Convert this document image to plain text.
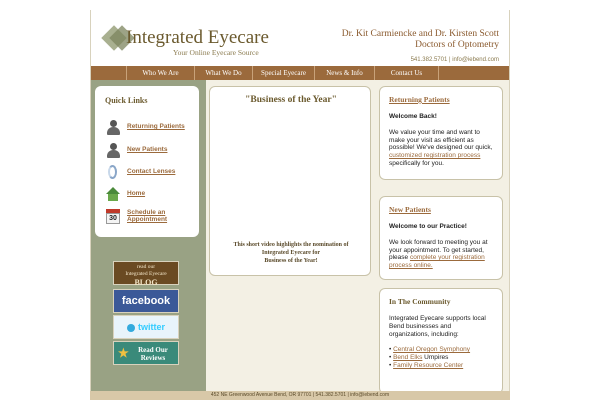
Integrated Eyecare
Your Online Eyecare Source
Dr. Kit Carmiencke and Dr. Kirsten Scott
Doctors of Optometry
541.382.5701 | info@iebend.com
Who We Are	What We Do	Special Eyecare	News & Info	Contact Us
Quick Links
Returning Patients
New Patients
Contact Lenses
Home
30
Schedule an Appointment
read our
Integrated Eyecare
BLOG
facebook
twitter
★	Read Our
Reviews
"Business of the Year"
This short video highlights the nomination of
Integrated Eyecare for
Business of the Year!
Returning Patients

Welcome Back!

We value your time and want to make your visit as efficient as possible! We've designed our quick, customized registration process specifically for you.

New Patients

Welcome to our Practice!

We look forward to meeting you at your appointment. To get started, please complete your registration process online.

In The Community

Integrated Eyecare supports local Bend businesses and organizations, including:

• Central Oregon Symphony
• Bend Elks Umpires
• Family Resource Center
452 NE Greenwood Avenue Bend, OR 97701 | 541.382.5701 | info@iebend.com
